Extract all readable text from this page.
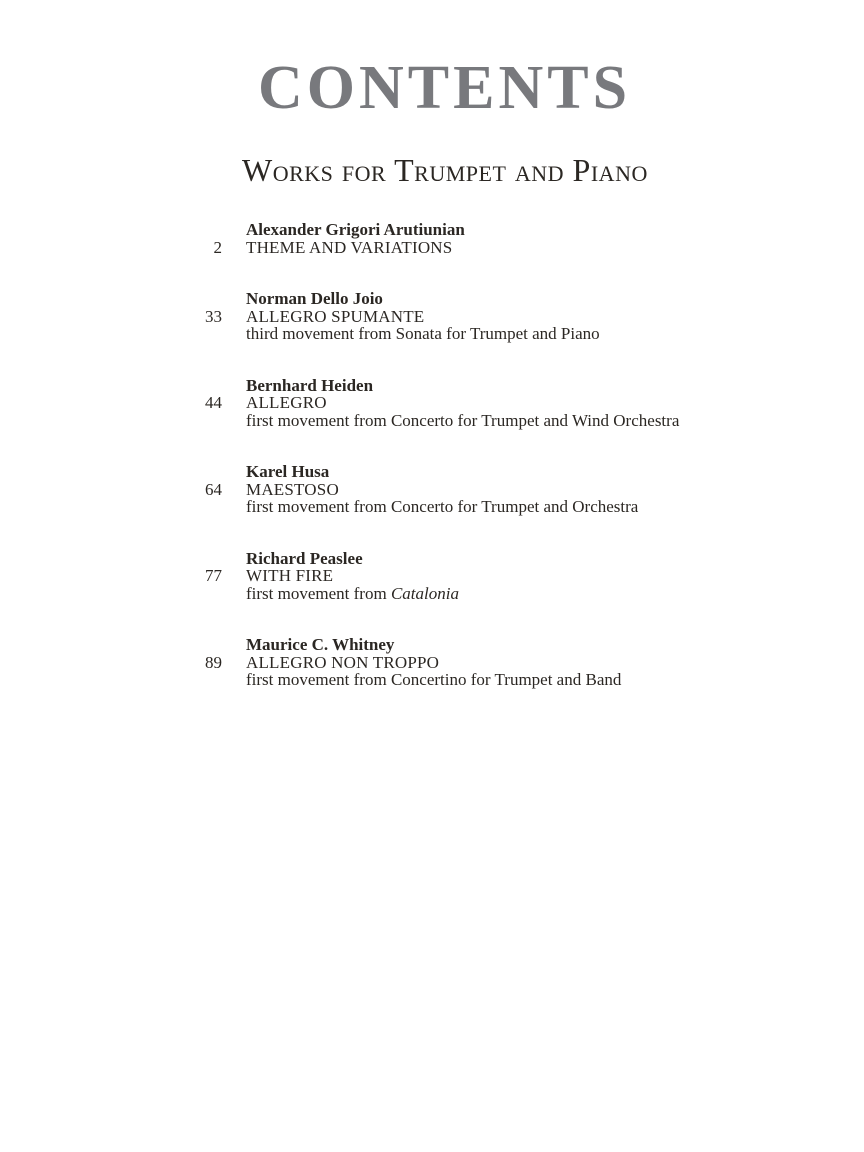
CONTENTS
Works for Trumpet and Piano
2
Alexander Grigori Arutiunian
THEME AND VARIATIONS
33
Norman Dello Joio
ALLEGRO SPUMANTE
third movement from Sonata for Trumpet and Piano
44
Bernhard Heiden
ALLEGRO
first movement from Concerto for Trumpet and Wind Orchestra
64
Karel Husa
MAESTOSO
first movement from Concerto for Trumpet and Orchestra
77
Richard Peaslee
WITH FIRE
first movement from Catalonia
89
Maurice C. Whitney
ALLEGRO NON TROPPO
first movement from Concertino for Trumpet and Band
